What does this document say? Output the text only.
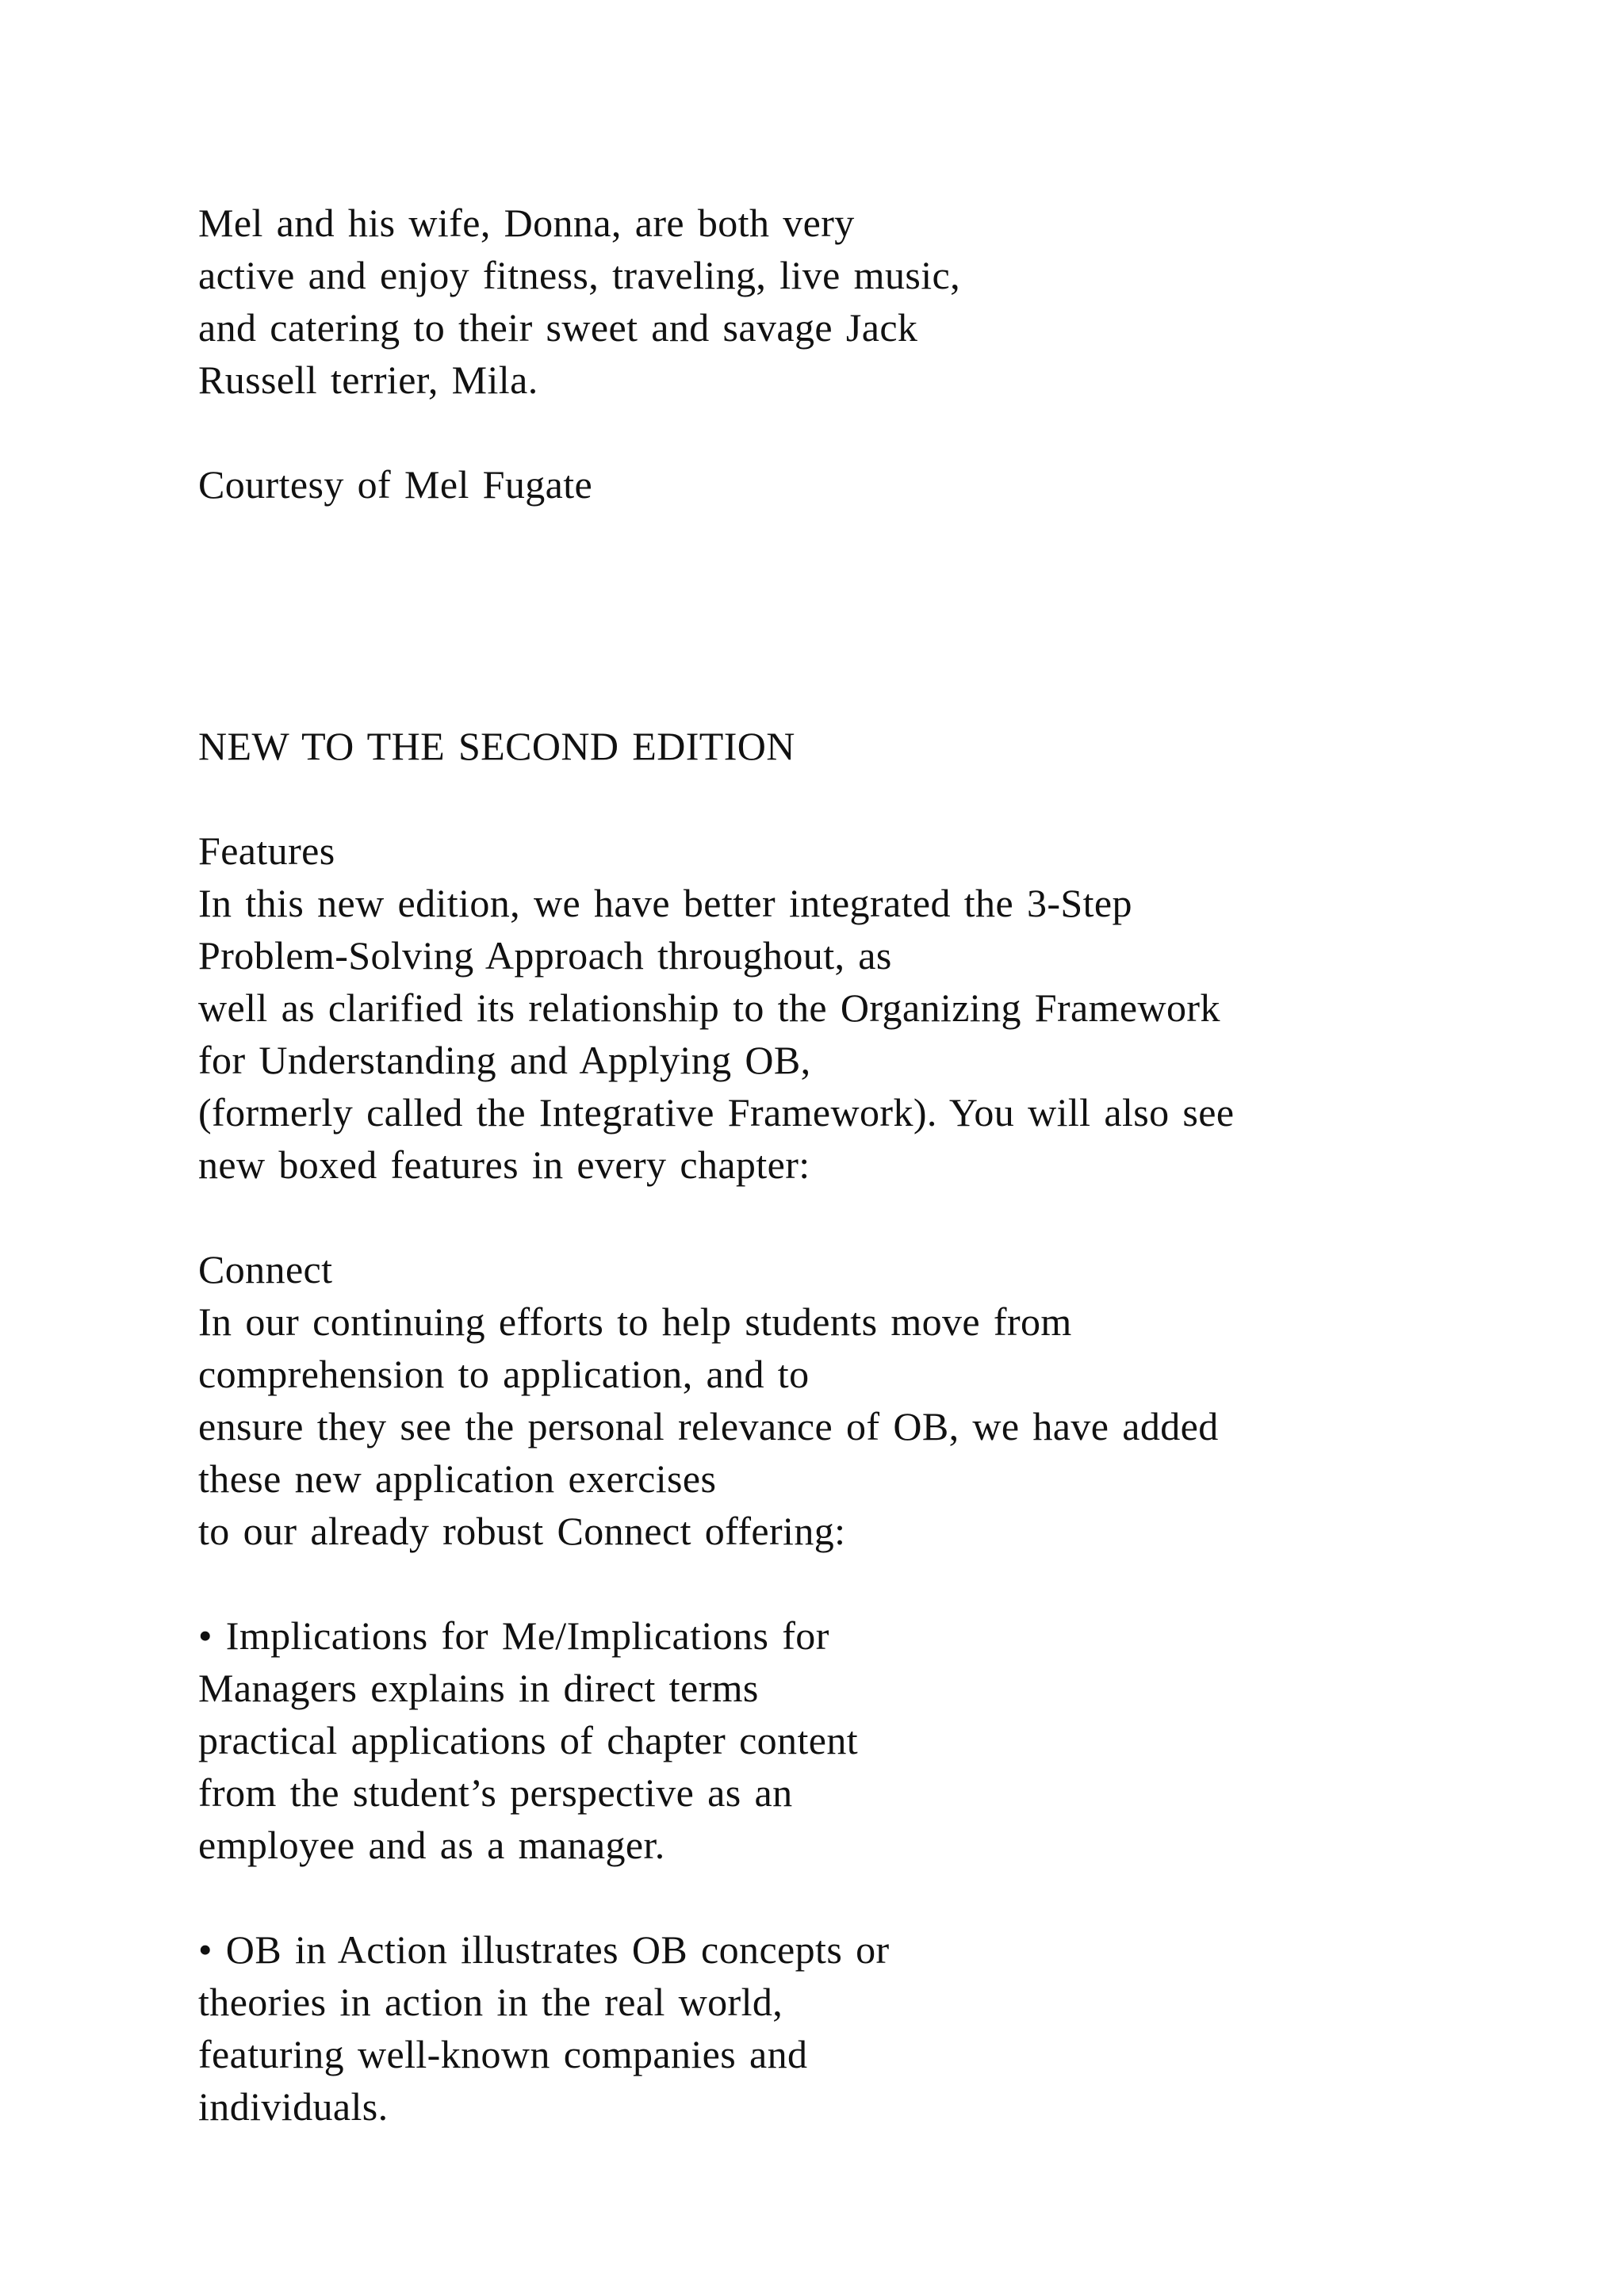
Mel and his wife, Donna, are both very
active and enjoy fitness, traveling, live music,
and catering to their sweet and savage Jack
Russell terrier, Mila.
Courtesy of Mel Fugate
NEW TO THE SECOND EDITION
Features
In this new edition, we have better integrated the 3-Step
Problem-Solving Approach throughout, as
well as clarified its relationship to the Organizing Framework
for Understanding and Applying OB,
(formerly called the Integrative Framework). You will also see
new boxed features in every chapter:
Connect
In our continuing efforts to help students move from
comprehension to application, and to
ensure they see the personal relevance of OB, we have added
these new application exercises
to our already robust Connect offering:
• Implications for Me/Implications for
Managers explains in direct terms
practical applications of chapter content
from the student’s perspective as an
employee and as a manager.
• OB in Action illustrates OB concepts or
theories in action in the real world,
featuring well-known companies and
individuals.
